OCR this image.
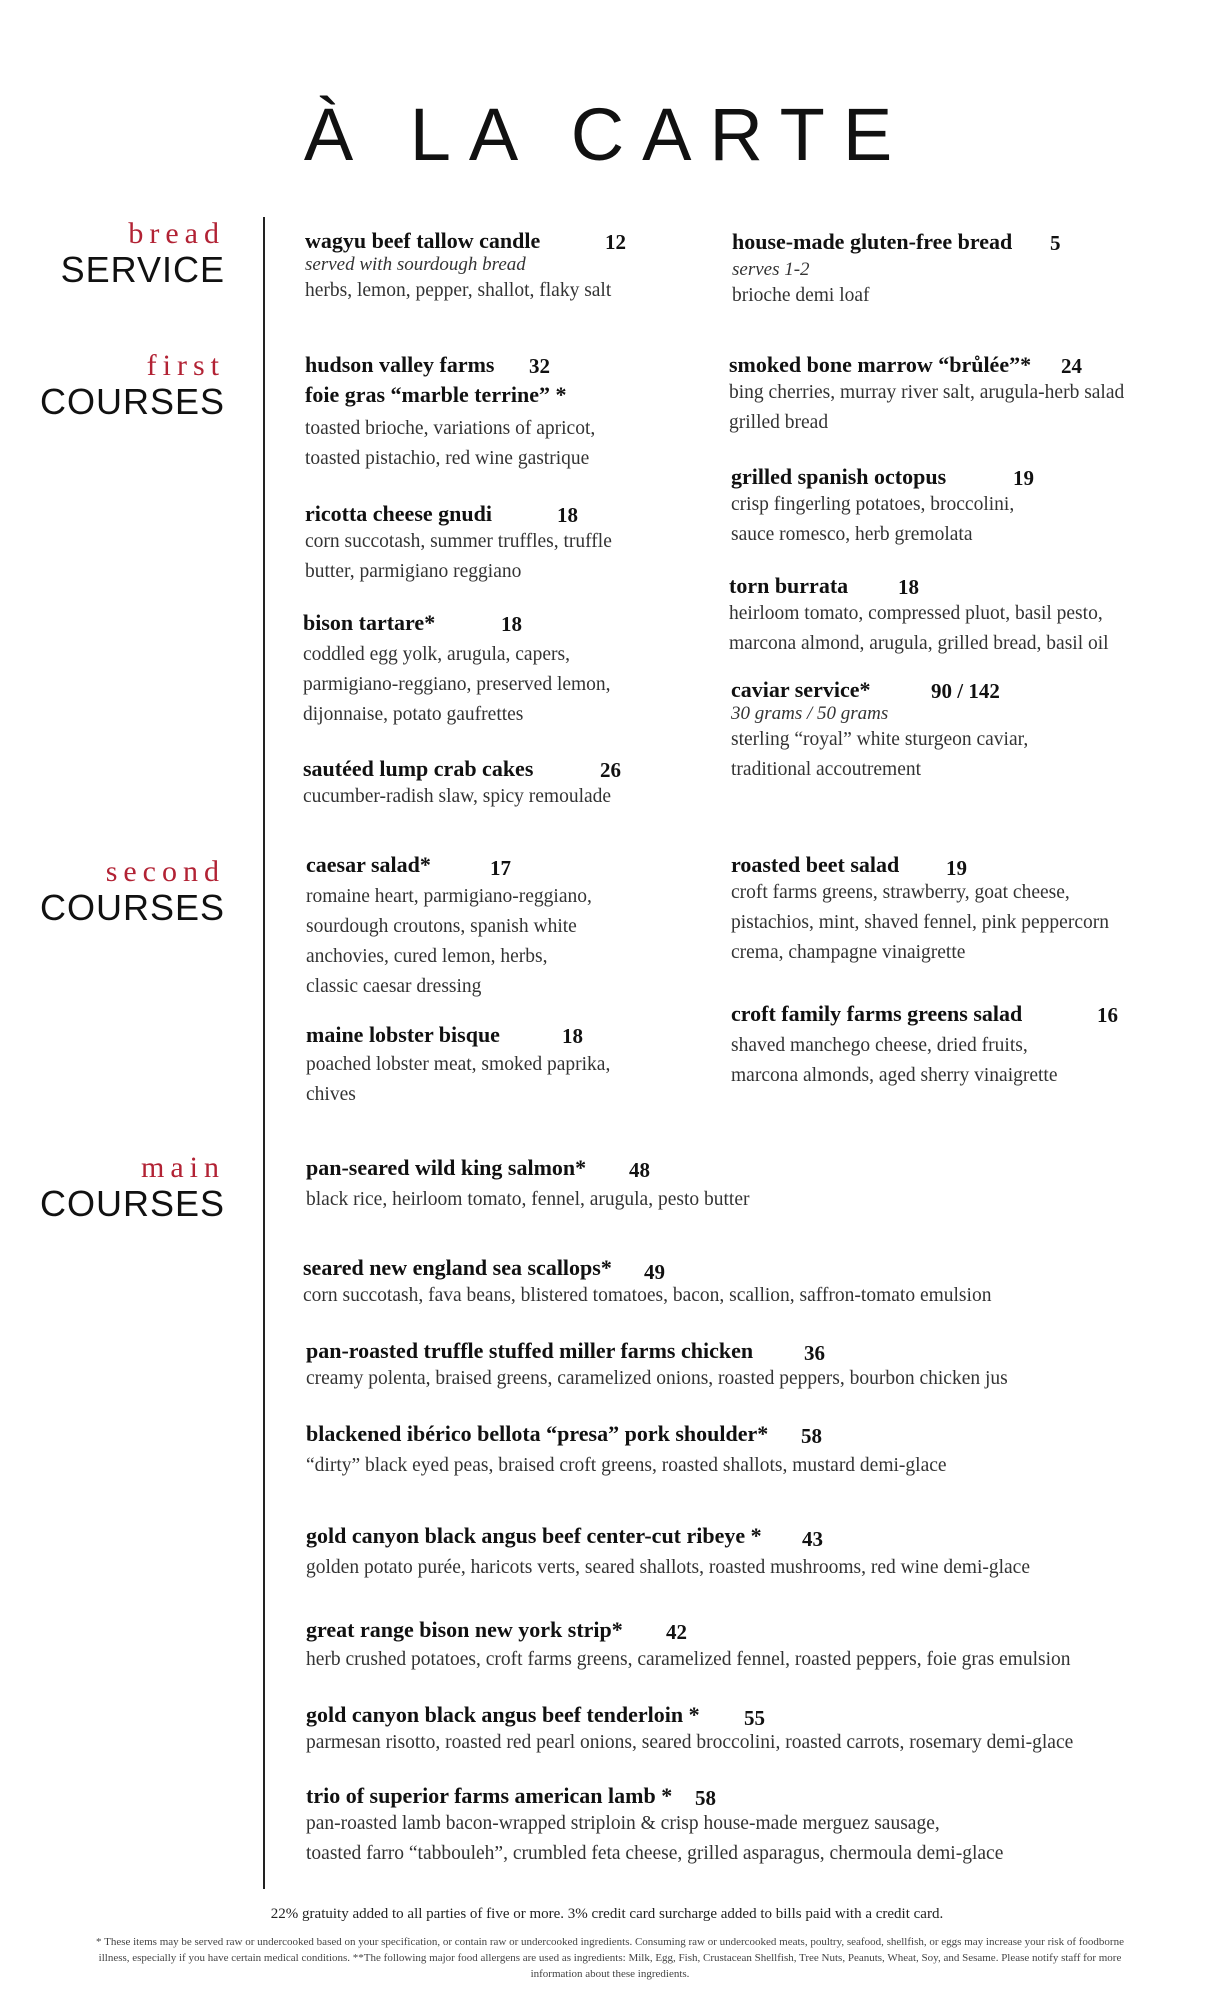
À LA CARTE
bread
SERVICE
first
COURSES
second
COURSES
main
COURSES
wagyu beef tallow candle	12
served with sourdough bread
herbs, lemon, pepper, shallot, flaky salt
house-made gluten-free bread 5
serves 1-2
brioche demi loaf
hudson valley farms	32
foie gras “marble terrine” *
toasted brioche, variations of apricot,
toasted pistachio, red wine gastrique
ricotta cheese gnudi	18
corn succotash, summer truffles, truffle
butter, parmigiano reggiano
bison tartare*	18
coddled egg yolk, arugula, capers,
parmigiano-reggiano, preserved lemon,
dijonnaise, potato gaufrettes
sautéed lump crab cakes	26
cucumber-radish slaw, spicy remoulade
smoked bone marrow “brůlée”*	24
bing cherries, murray river salt, arugula-herb salad
grilled bread
grilled spanish octopus	19
crisp fingerling potatoes, broccolini,
sauce romesco, herb gremolata
torn burrata	18
heirloom tomato, compressed pluot, basil pesto,
marcona almond, arugula, grilled bread, basil oil
caviar service*	90 / 142
30 grams / 50 grams
sterling “royal” white sturgeon caviar,
traditional accoutrement
caesar salad*	17
romaine heart, parmigiano-reggiano,
sourdough croutons, spanish white
anchovies, cured lemon, herbs,
classic caesar dressing
maine lobster bisque	18
poached lobster meat, smoked paprika,
chives
roasted beet salad	19
croft farms greens, strawberry, goat cheese,
pistachios, mint, shaved fennel, pink peppercorn
crema, champagne vinaigrette
croft family farms greens salad	16
shaved manchego cheese, dried fruits,
marcona almonds, aged sherry vinaigrette
pan-seared wild king salmon*	48
black rice, heirloom tomato, fennel, arugula, pesto butter
seared new england sea scallops*	49
corn succotash, fava beans, blistered tomatoes, bacon, scallion, saffron-tomato emulsion
pan-roasted truffle stuffed miller farms chicken	36
creamy polenta, braised greens, caramelized onions, roasted peppers, bourbon chicken jus
blackened ibérico bellota “presa” pork shoulder*	58
“dirty” black eyed peas, braised croft greens, roasted shallots, mustard demi-glace
gold canyon black angus beef center-cut ribeye *	43
golden potato purée, haricots verts, seared shallots, roasted mushrooms, red wine demi-glace
great range bison new york strip*	42
herb crushed potatoes, croft farms greens, caramelized fennel, roasted peppers, foie gras emulsion
gold canyon black angus beef tenderloin *	55
parmesan risotto, roasted red pearl onions, seared broccolini, roasted carrots, rosemary demi-glace
trio of superior farms american lamb *	58
pan-roasted lamb bacon-wrapped striploin & crisp house-made merguez sausage,
toasted farro “tabbouleh”, crumbled feta cheese, grilled asparagus, chermoula demi-glace
22% gratuity added to all parties of five or more. 3% credit card surcharge added to bills paid with a credit card.
* These items may be served raw or undercooked based on your specification, or contain raw or undercooked ingredients. Consuming raw or undercooked meats, poultry, seafood, shellfish, or eggs may increase your risk of foodborne illness, especially if you have certain medical conditions. **The following major food allergens are used as ingredients: Milk, Egg, Fish, Crustacean Shellfish, Tree Nuts, Peanuts, Wheat, Soy, and Sesame. Please notify staff for more information about these ingredients.
